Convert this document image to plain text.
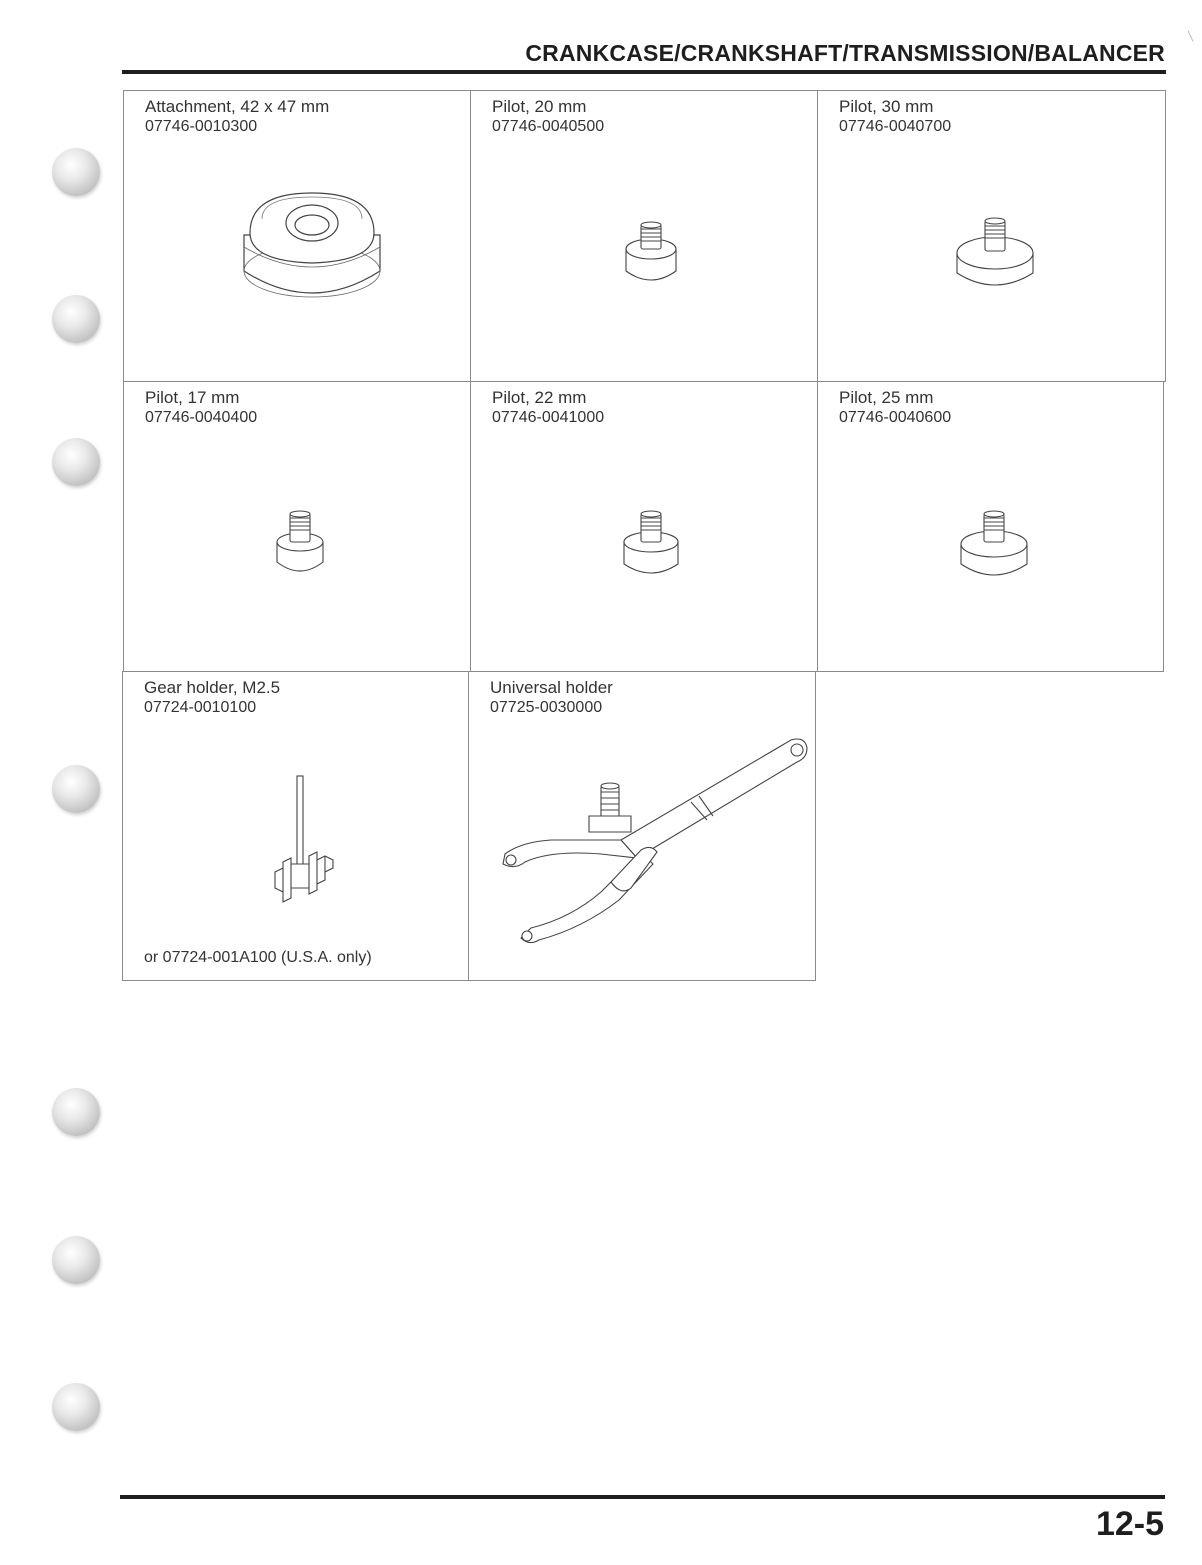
CRANKCASE/CRANKSHAFT/TRANSMISSION/BALANCER
Attachment, 42 x 47 mm
07746-0010300
Pilot, 20 mm
07746-0040500
Pilot, 30 mm
07746-0040700
Pilot, 17 mm
07746-0040400
Pilot, 22 mm
07746-0041000
Pilot, 25 mm
07746-0040600
Gear holder, M2.5
07724-0010100
or 07724-001A100 (U.S.A. only)
Universal holder
07725-0030000
12-5
